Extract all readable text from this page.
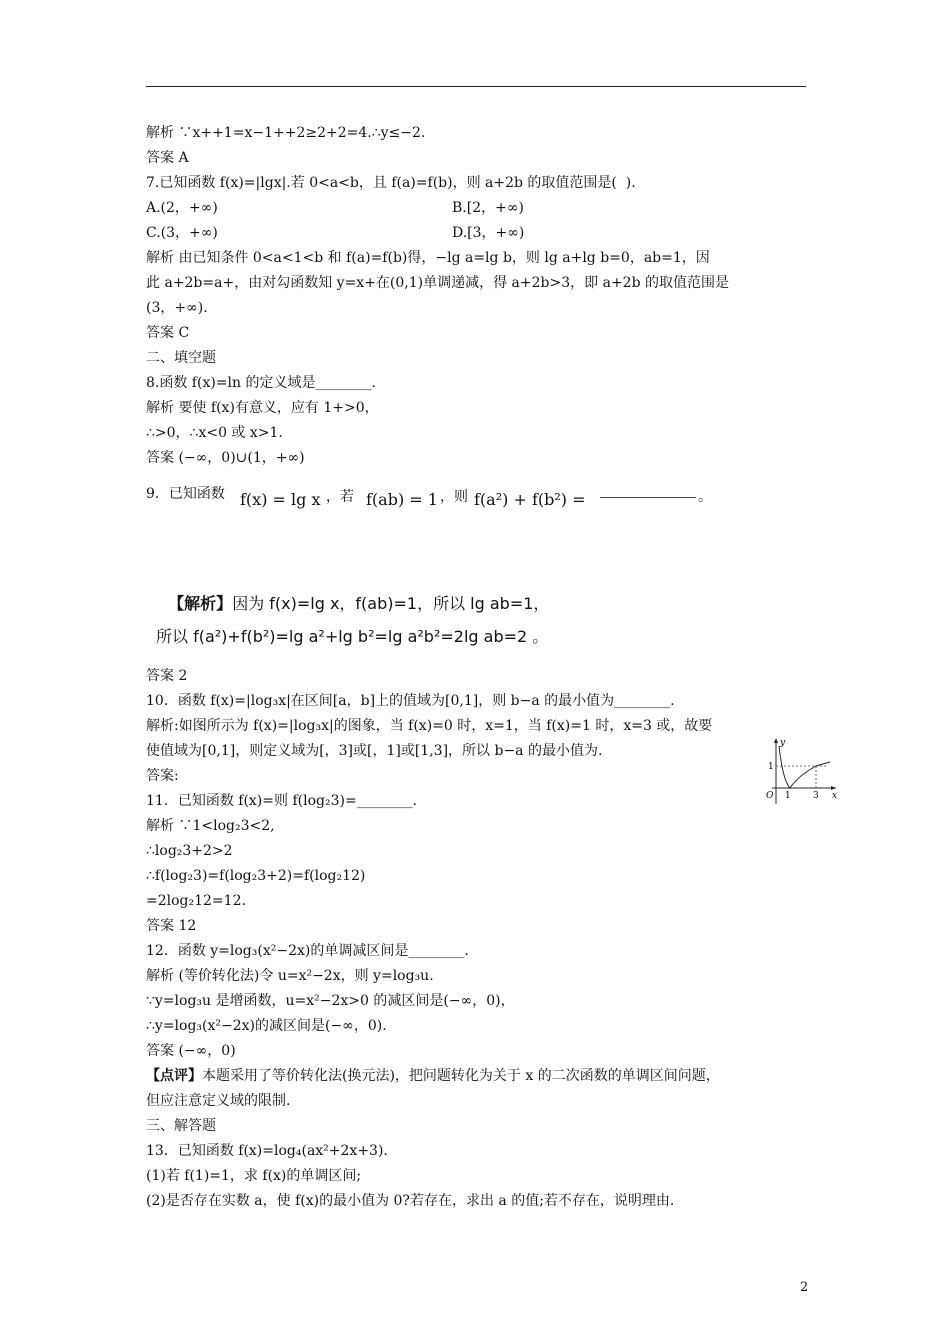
解析 ∵x++1=x−1++2≥2+2=4.∴y≤−2.
答案 A
7.已知函数 f(x)=|lgx|.若 0<a<b，且 f(a)=f(b)，则 a+2b 的取值范围是(  ).
A.(2，+∞)	B.[2，+∞)
C.(3，+∞)	D.[3，+∞)
解析 由已知条件 0<a<1<b 和 f(a)=f(b)得，−lg a=lg b，则 lg a+lg b=0，ab=1，因
此 a+2b=a+，由对勾函数知 y=x+在(0,1)单调递减，得 a+2b>3，即 a+2b 的取值范围是
(3，+∞).
答案 C
二、填空题
8.函数 f(x)=ln 的定义域是________.
解析 要使 f(x)有意义，应有 1+>0，
∴>0，∴x<0 或 x>1.
答案 (−∞，0)∪(1，+∞)
9．已知函数 f(x) = lg x ，若 f(ab) = 1 ，则 f(a²) + f(b²) =	。

【解析】因为 f(x)=lg x，f(ab)=1，所以 lg ab=1，

所以 f(a²)+f(b²)=lg a²+lg b²=lg a²b²=2lg ab=2 。
答案 2
10．函数 f(x)=|log₃x|在区间[a，b]上的值域为[0,1]，则 b−a 的最小值为________.
解析:如图所示为 f(x)=|log₃x|的图象，当 f(x)=0 时，x=1，当 f(x)=1 时，x=3 或，故要
使值域为[0,1]，则定义域为[，3]或[，1]或[1,3]，所以 b−a 的最小值为.
答案:
y
x
O
1
1 3
11．已知函数 f(x)=则 f(log₂3)=________.
解析 ∵1<log₂3<2,
∴log₂3+2>2
∴f(log₂3)=f(log₂3+2)=f(log₂12)
=2log₂12=12.
答案 12
12．函数 y=log₃(x²−2x)的单调减区间是________.
解析 (等价转化法)令 u=x²−2x，则 y=log₃u.
∵y=log₃u 是增函数，u=x²−2x>0 的减区间是(−∞，0)，
∴y=log₃(x²−2x)的减区间是(−∞，0).
答案 (−∞，0)
【点评】本题采用了等价转化法(换元法)，把问题转化为关于 x 的二次函数的单调区间问题，
但应注意定义域的限制.
三、解答题
13．已知函数 f(x)=log₄(ax²+2x+3).
(1)若 f(1)=1，求 f(x)的单调区间;
(2)是否存在实数 a，使 f(x)的最小值为 0?若存在，求出 a 的值;若不存在，说明理由.
2
